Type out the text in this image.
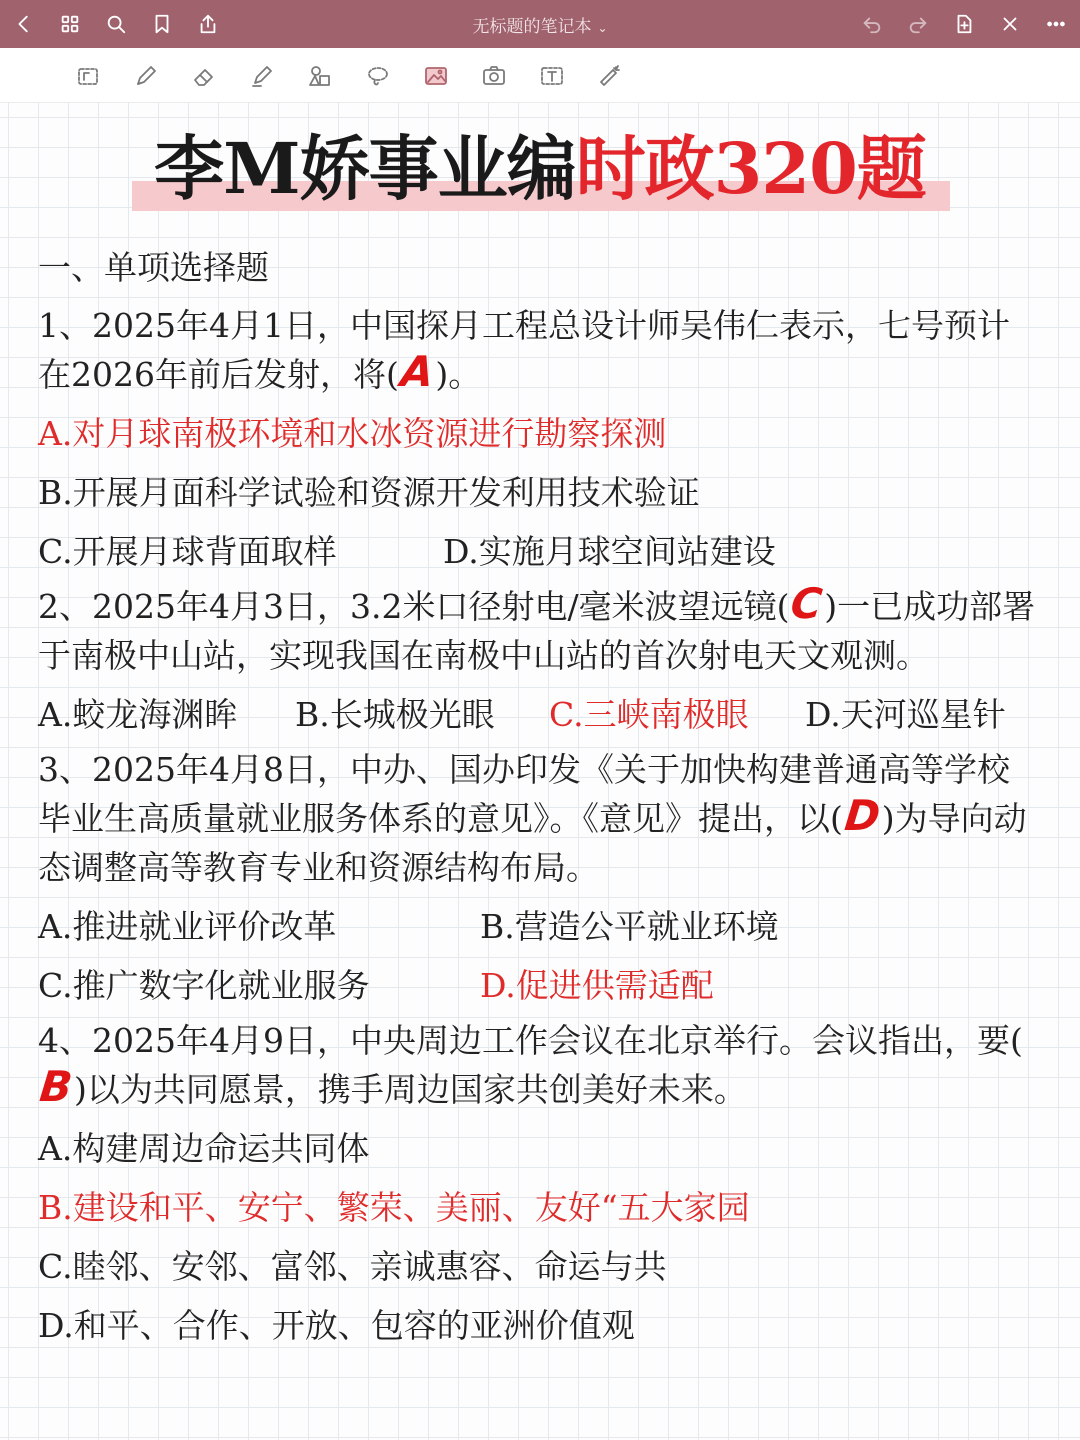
无标题的笔记本 ⌄
李M娇事业编时政320题

一、单项选择题

1、2025年4月1日，中国探月工程总设计师吴伟仁表示，七号预计在2026年前后发射，将(A)。

A.对月球南极环境和水冰资源进行勘察探测

B.开展月面科学试验和资源开发利用技术验证

C.开展月球背面取样	D.实施月球空间站建设

2、2025年4月3日，3.2米口径射电/毫米波望远镜(C)一已成功部署于南极中山站，实现我国在南极中山站的首次射电天文观测。

A.蛟龙海渊眸	B.长城极光眼	C.三峡南极眼	D.天河巡星针

3、2025年4月8日，中办、国办印发《关于加快构建普通高等学校毕业生高质量就业服务体系的意见》。《意见》提出，以(D)为导向动态调整高等教育专业和资源结构布局。

A.推进就业评价改革	B.营造公平就业环境
C.推广数字化就业服务	D.促进供需适配

4、2025年4月9日，中央周边工作会议在北京举行。会议指出，要(B)以为共同愿景，携手周边国家共创美好未来。

A.构建周边命运共同体

B.建设和平、安宁、繁荣、美丽、友好“五大家园

C.睦邻、安邻、富邻、亲诚惠容、命运与共

D.和平、合作、开放、包容的亚洲价值观
